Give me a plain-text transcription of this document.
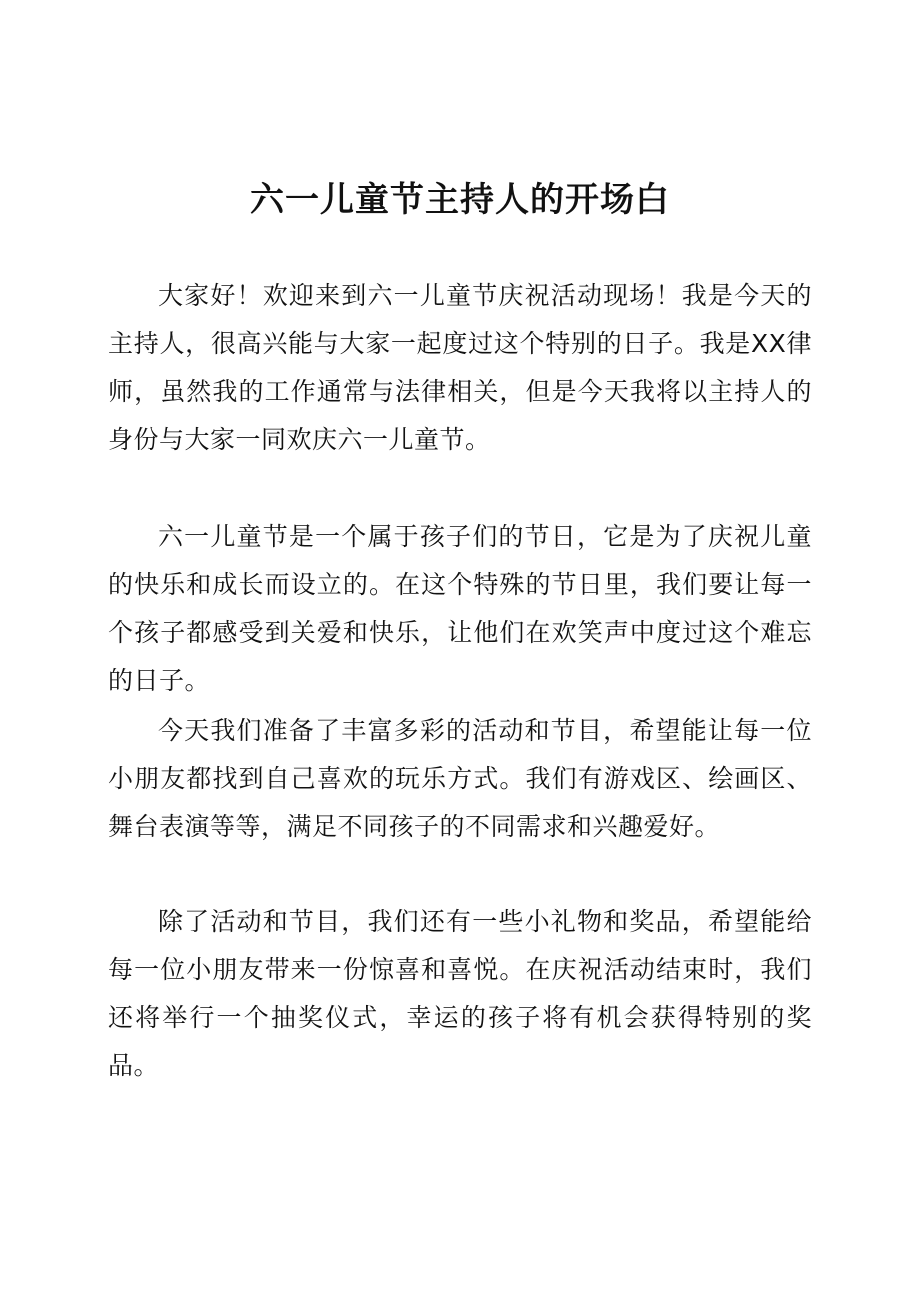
六一儿童节主持人的开场白

大家好！欢迎来到六一儿童节庆祝活动现场！我是今天的主持人，很高兴能与大家一起度过这个特别的日子。我是XX律师，虽然我的工作通常与法律相关，但是今天我将以主持人的身份与大家一同欢庆六一儿童节。

六一儿童节是一个属于孩子们的节日，它是为了庆祝儿童的快乐和成长而设立的。在这个特殊的节日里，我们要让每一个孩子都感受到关爱和快乐，让他们在欢笑声中度过这个难忘的日子。

今天我们准备了丰富多彩的活动和节目，希望能让每一位小朋友都找到自己喜欢的玩乐方式。我们有游戏区、绘画区、舞台表演等等，满足不同孩子的不同需求和兴趣爱好。

除了活动和节目，我们还有一些小礼物和奖品，希望能给每一位小朋友带来一份惊喜和喜悦。在庆祝活动结束时，我们还将举行一个抽奖仪式，幸运的孩子将有机会获得特别的奖品。
